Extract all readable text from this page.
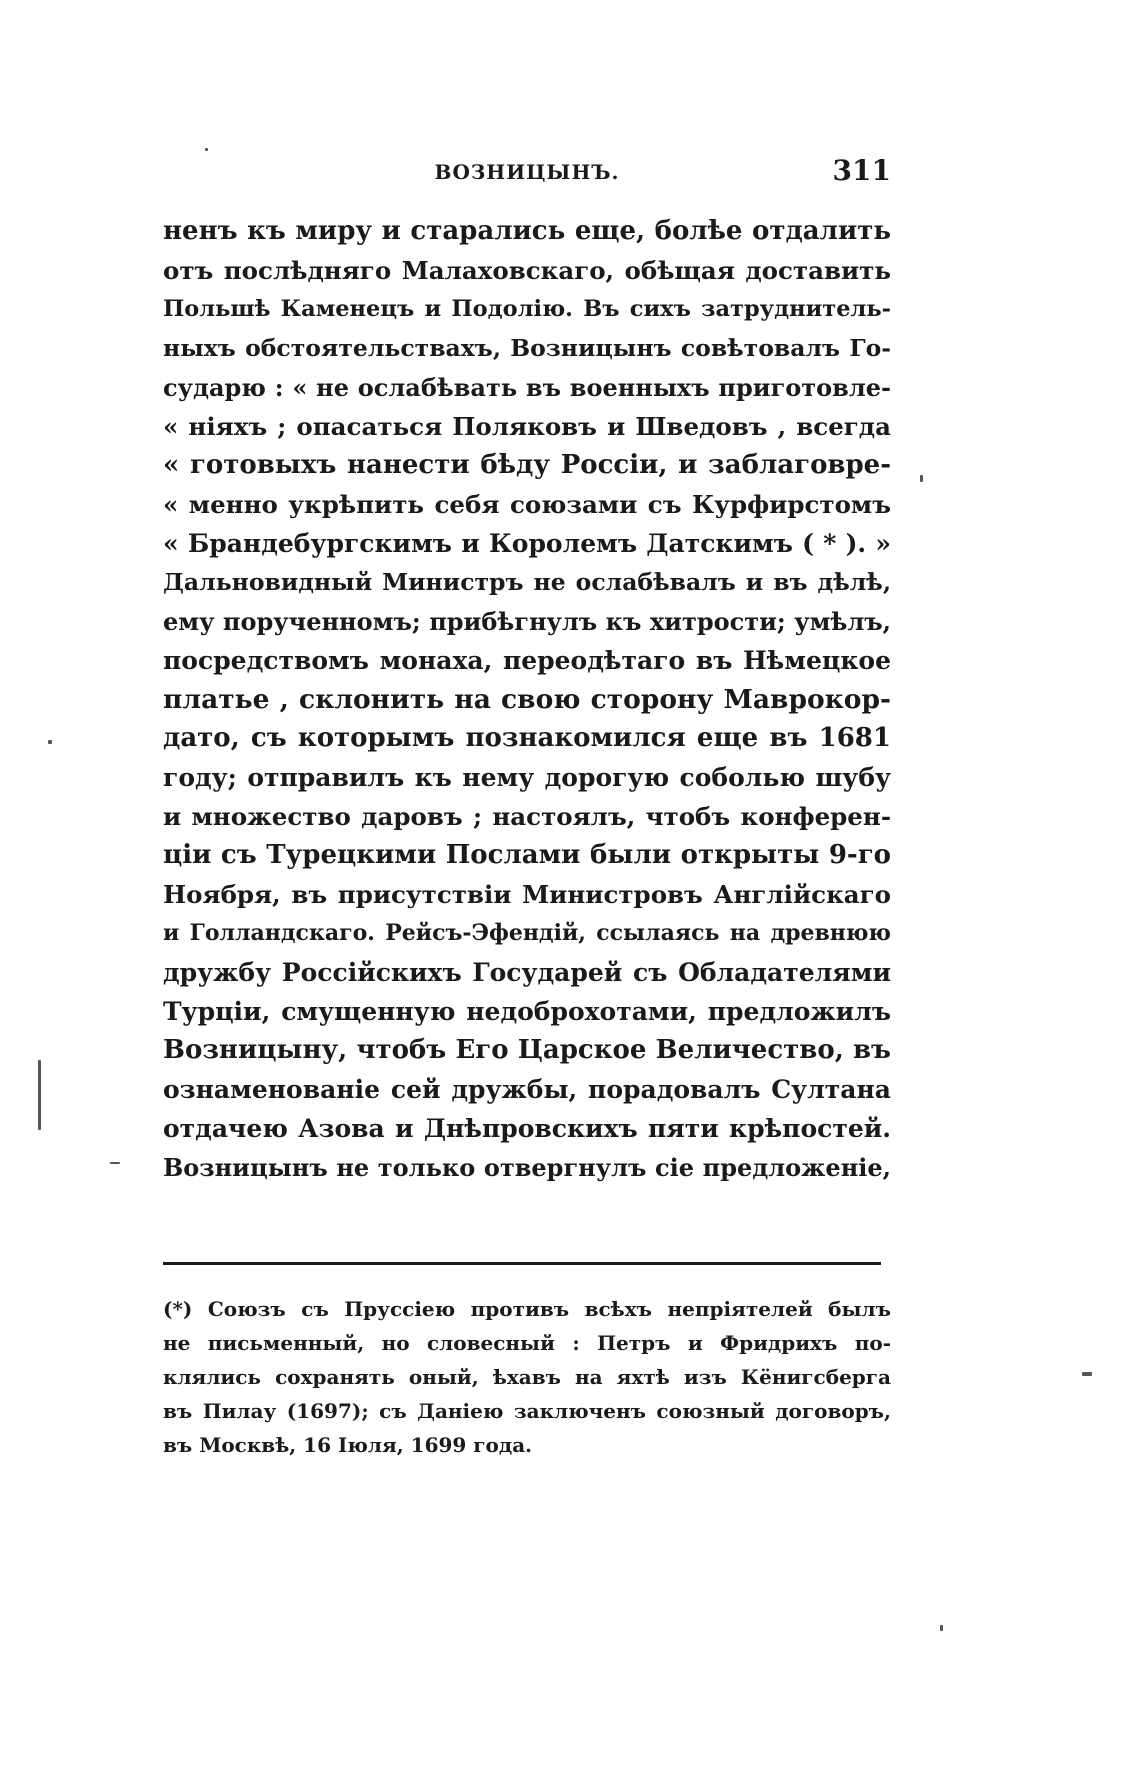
ВОЗНИЦЫНЪ.	311
ненъ къ миру и старались еще, болѣе отдалить
отъ послѣдняго Малаховскаго, обѣщая доставить
Польшѣ Каменецъ и Подолію. Въ сихъ затруднитель-
ныхъ обстоятельствахъ, Возницынъ совѣтовалъ Го-
сударю : « не ослабѣвать въ военныхъ приготовле-
« ніяхъ ; опасаться Поляковъ и Шведовъ , всегда
« готовыхъ нанести бѣду Россіи, и заблаговре-
« менно укрѣпить себя союзами съ Курфирстомъ
« Брандебургскимъ и Королемъ Датскимъ ( * ). »
Дальновидный Министръ не ослабѣвалъ и въ дѣлѣ,
ему порученномъ; прибѣгнулъ къ хитрости; умѣлъ,
посредствомъ монаха, переодѣтаго въ Нѣмецкое
платье , склонить на свою сторону Маврокор-
дато, съ которымъ познакомился еще въ 1681
году; отправилъ къ нему дорогую соболью шубу
и множество даровъ ; настоялъ, чтобъ конферен-
ціи съ Турецкими Послами были открыты 9-го
Ноября, въ присутствіи Министровъ Англійскаго
и Голландскаго. Рейсъ-Эфендій, ссылаясь на древнюю
дружбу Россійскихъ Государей съ Обладателями
Турціи, смущенную недоброхотами, предложилъ
Возницыну, чтобъ Его Царское Величество, въ
ознаменованіе сей дружбы, порадовалъ Султана
отдачею Азова и Днѣпровскихъ пяти крѣпостей.
Возницынъ не только отвергнулъ сіе предложеніе,
(*) Союзъ съ Пруссіею противъ всѣхъ непріятелей былъ
не письменный, но словесный : Петръ и Фридрихъ по-
клялись сохранять оный, ѣхавъ на яхтѣ изъ Кёнигсберга
въ Пилау (1697); съ Даніею заключенъ союзный договоръ,
въ Москвѣ, 16 Іюля, 1699 года.
